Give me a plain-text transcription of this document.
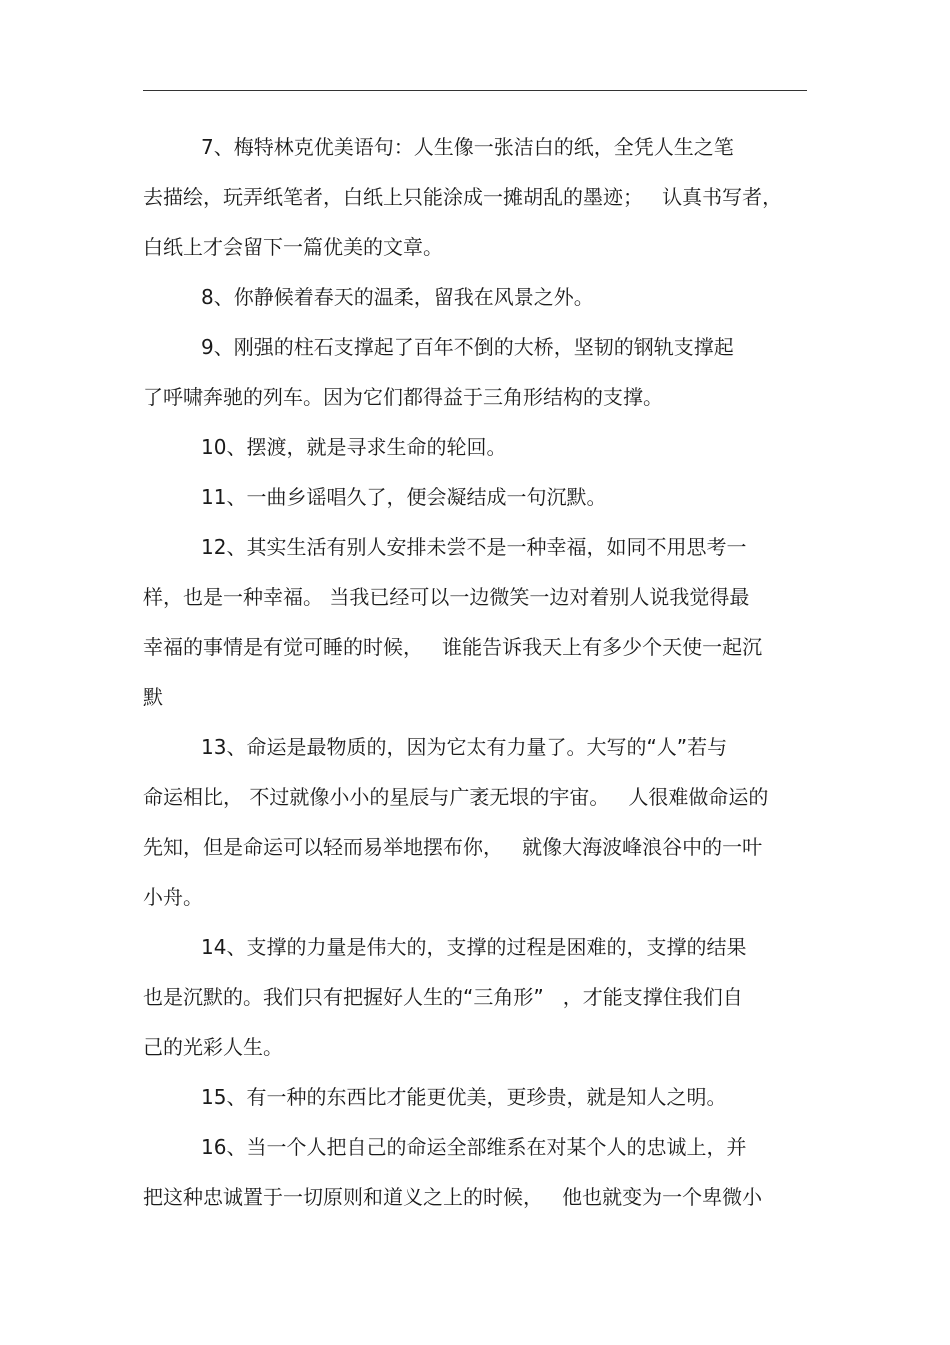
7、梅特林克优美语句：人生像一张洁白的纸，全凭人生之笔
去描绘，玩弄纸笔者，白纸上只能涂成一摊胡乱的墨迹；   认真书写者，
白纸上才会留下一篇优美的文章。
8、你静候着春天的温柔，留我在风景之外。
9、刚强的柱石支撑起了百年不倒的大桥，坚韧的钢轨支撑起
了呼啸奔驰的列车。因为它们都得益于三角形结构的支撑。
10、摆渡，就是寻求生命的轮回。
11、一曲乡谣唱久了，便会凝结成一句沉默。
12、其实生活有别人安排未尝不是一种幸福，如同不用思考一
样，也是一种幸福。 当我已经可以一边微笑一边对着别人说我觉得最
幸福的事情是有觉可睡的时候，   谁能告诉我天上有多少个天使一起沉
默
13、命运是最物质的，因为它太有力量了。大写的“人”若与
命运相比， 不过就像小小的星辰与广袤无垠的宇宙。   人很难做命运的
先知，但是命运可以轻而易举地摆布你，   就像大海波峰浪谷中的一叶
小舟。
14、支撑的力量是伟大的，支撑的过程是困难的，支撑的结果
也是沉默的。我们只有把握好人生的“三角形”   ，才能支撑住我们自
己的光彩人生。
15、有一种的东西比才能更优美，更珍贵，就是知人之明。
16、当一个人把自己的命运全部维系在对某个人的忠诚上，并
把这种忠诚置于一切原则和道义之上的时候，   他也就变为一个卑微小
